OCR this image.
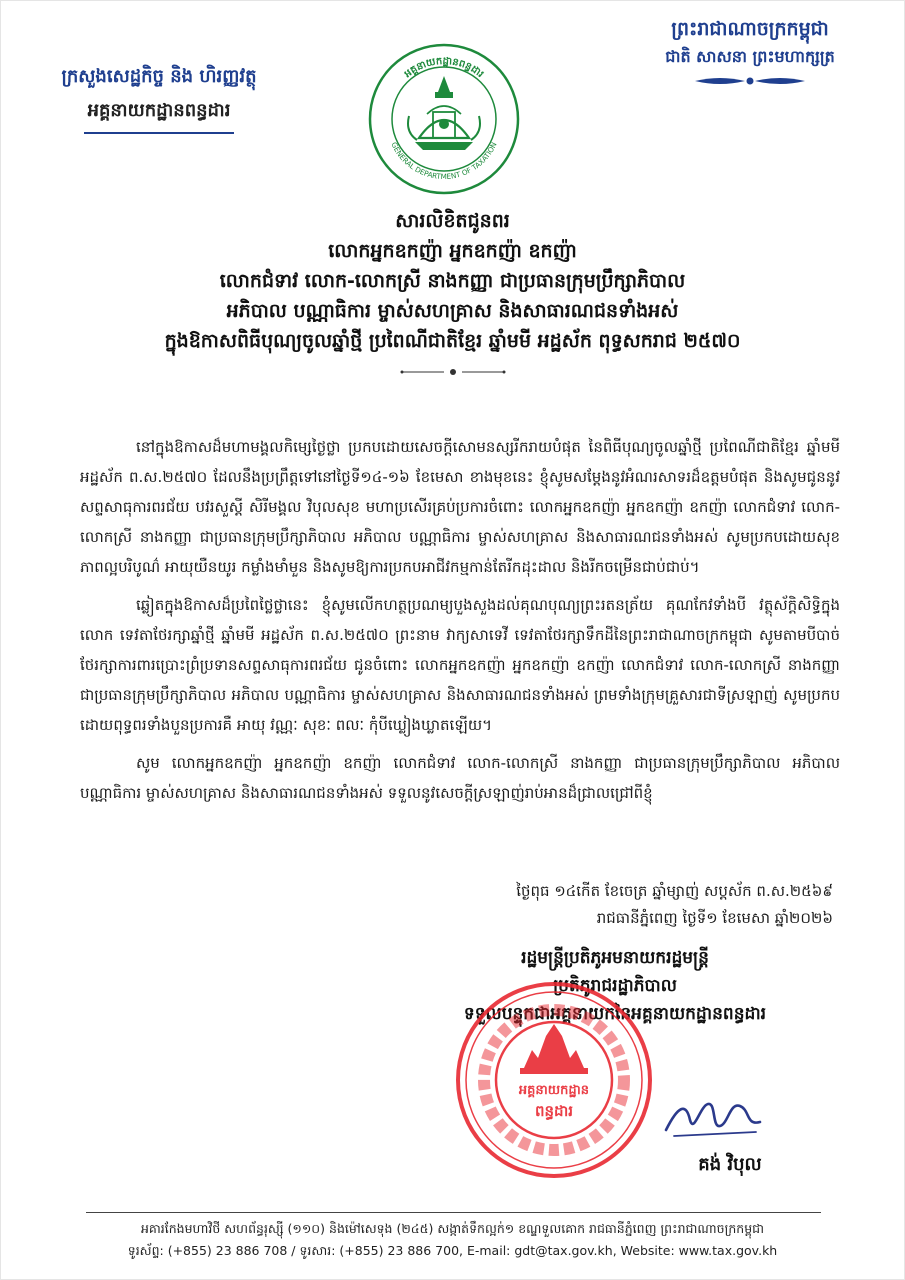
ក្រសួងសេដ្ឋកិច្ច និង ហិរញ្ញវត្ថុ
អគ្គនាយកដ្ឋានពន្ធដារ
ព្រះរាជាណាចក្រកម្ពុជា
ជាតិ សាសនា ព្រះមហាក្សត្រ
អគ្គនាយកដ្ឋានពន្ធដារ
GENERAL DEPARTMENT OF TAXATION
សារលិខិតជូនពរ
លោកអ្នកឧកញ៉ា អ្នកឧកញ៉ា ឧកញ៉ា
លោកជំទាវ លោក-លោកស្រី នាងកញ្ញា ជាប្រធានក្រុមប្រឹក្សាភិបាល
អភិបាល បណ្ណាធិការ ម្ចាស់សហគ្រាស និងសាធារណជនទាំងអស់
ក្នុងឱកាសពិធីបុណ្យចូលឆ្នាំថ្មី ប្រពៃណីជាតិខ្មែរ ឆ្នាំមមី អដ្ឋស័ក ពុទ្ធសករាជ ២៥៧០

នៅក្នុងឱកាសដ៏មហាមង្គលកិម្សេថ្ងៃថ្លា ប្រកបដោយសេចក្តីសោមនស្សរីករាយបំផុត នៃពិធីបុណ្យចូលឆ្នាំថ្មី ប្រពៃណីជាតិខ្មែរ ឆ្នាំមមី អដ្ឋស័ក ព.ស.២៥៧០ ដែលនឹងប្រព្រឹត្តទៅនៅថ្ងៃទី១៤-១៦ ខែមេសា ខាងមុខនេះ ខ្ញុំសូមសម្តែងនូវអំណរសាទរដ៏ឧត្តមបំផុត និងសូមជូននូវសព្ទសាធុការពរជ័យ បវរសួស្តី សិរីមង្គល វិបុលសុខ មហាប្រសើរគ្រប់ប្រការចំពោះ លោកអ្នកឧកញ៉ា អ្នកឧកញ៉ា ឧកញ៉ា លោកជំទាវ លោក-លោកស្រី នាងកញ្ញា ជាប្រធានក្រុមប្រឹក្សាភិបាល អភិបាល បណ្ណាធិការ ម្ចាស់សហគ្រាស និងសាធារណជនទាំងអស់ សូមប្រកបដោយសុខភាពល្អបរិបូណ៌ អាយុយឺនយូរ កម្លាំងមាំមួន និងសូមឱ្យការប្រកបអាជីវកម្មកាន់តែរីកដុះដាល និងរីកចម្រើនជាប់ជាប់។

ឆ្លៀតក្នុងឱកាសដ៏ប្រពៃថ្លៃថ្លានេះ ខ្ញុំសូមលើកហត្ថប្រណម្យបួងសួងដល់គុណបុណ្យព្រះរតនត្រ័យ គុណកែវទាំងបី វត្ថុស័ក្តិសិទ្ធិក្នុងលោក ទេវតាថែរក្សាឆ្នាំថ្មី ឆ្នាំមមី អដ្ឋស័ក ព.ស.២៥៧០ ព្រះនាម វាក្យសាទេវី ទេវតាថែរក្សាទឹកដីនៃព្រះរាជាណាចក្រកម្ពុជា សូមតាមបីបាច់ថែរក្សាការពារប្រោះព្រំប្រទានសព្ទសាធុការពរជ័យ ជូនចំពោះ លោកអ្នកឧកញ៉ា អ្នកឧកញ៉ា ឧកញ៉ា លោកជំទាវ លោក-លោកស្រី នាងកញ្ញា ជាប្រធានក្រុមប្រឹក្សាភិបាល អភិបាល បណ្ណាធិការ ម្ចាស់សហគ្រាស និងសាធារណជនទាំងអស់ ព្រមទាំងក្រុមគ្រួសារជាទីស្រឡាញ់ សូមប្រកបដោយពុទ្ធពរទាំងបួនប្រការគឺ អាយុ វណ្ណៈ សុខៈ ពលៈ កុំបីឃ្លៀងឃ្លាតឡើយ។

សូម លោកអ្នកឧកញ៉ា អ្នកឧកញ៉ា ឧកញ៉ា លោកជំទាវ លោក-លោកស្រី នាងកញ្ញា ជាប្រធានក្រុមប្រឹក្សាភិបាល អភិបាល បណ្ណាធិការ ម្ចាស់សហគ្រាស និងសាធារណជនទាំងអស់ ទទួលនូវសេចក្តីស្រឡាញ់រាប់អានដ៏ជ្រាលជ្រៅពីខ្ញុំ

ថ្ងៃពុធ ១៤កើត ខែចេត្រ ឆ្នាំម្សាញ់ សប្តស័ក ព.ស.២៥៦៩
រាជធានីភ្នំពេញ ថ្ងៃទី១ ខែមេសា ឆ្នាំ២០២៦
រដ្ឋមន្ត្រីប្រតិភូអមនាយករដ្ឋមន្ត្រី
ប្រតិភូរាជរដ្ឋាភិបាល
ទទួលបន្ទុកជាអគ្គនាយកនៃអគ្គនាយកដ្ឋានពន្ធដារ
អគ្គនាយកដ្ឋាន
ពន្ធដារ
គង់ វិបុល
អគារកែងមហាវិថី សហព័ន្ធរុស្ស៊ី (១១០) និងម៉ៅសេទុង (២៤៥) សង្កាត់ទឹកល្អក់១ ខណ្ឌទួលគោក រាជធានីភ្នំពេញ ព្រះរាជាណាចក្រកម្ពុជា
ទូរស័ព្ទ: (+855) 23 886 708 / ទូរសារ: (+855) 23 886 700, E-mail: gdt@tax.gov.kh, Website: www.tax.gov.kh
